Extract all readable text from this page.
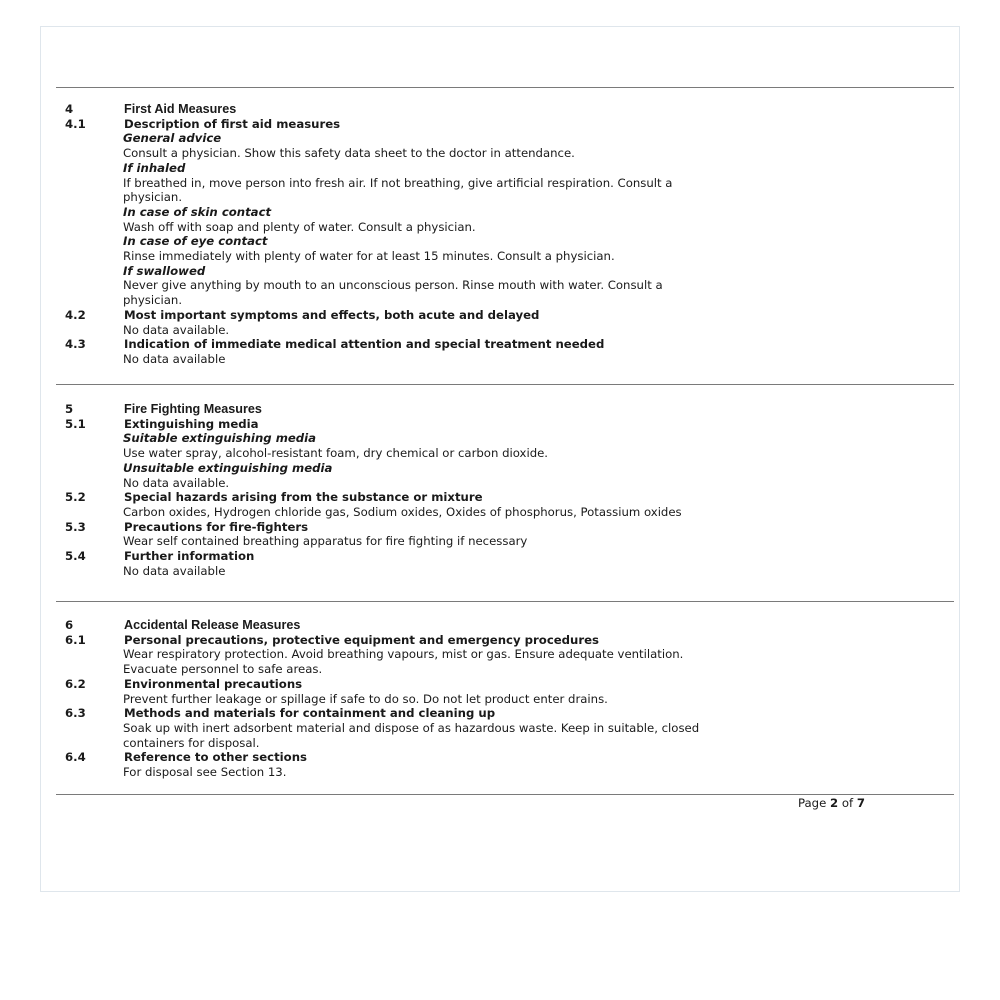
4	First Aid Measures
4.1	Description of first aid measures
General advice
Consult a physician. Show this safety data sheet to the doctor in attendance.
If inhaled
If breathed in, move person into fresh air. If not breathing, give artificial respiration. Consult a
physician.
In case of skin contact
Wash off with soap and plenty of water. Consult a physician.
In case of eye contact
Rinse immediately with plenty of water for at least 15 minutes. Consult a physician.
If swallowed
Never give anything by mouth to an unconscious person. Rinse mouth with water. Consult a
physician.
4.2	Most important symptoms and effects, both acute and delayed
No data available.
4.3	Indication of immediate medical attention and special treatment needed
No data available
5	Fire Fighting Measures
5.1	Extinguishing media
Suitable extinguishing media
Use water spray, alcohol-resistant foam, dry chemical or carbon dioxide.
Unsuitable extinguishing media
No data available.
5.2	Special hazards arising from the substance or mixture
Carbon oxides, Hydrogen chloride gas, Sodium oxides, Oxides of phosphorus, Potassium oxides
5.3	Precautions for fire-fighters
Wear self contained breathing apparatus for fire fighting if necessary
5.4	Further information
No data available
6	Accidental Release Measures
6.1	Personal precautions, protective equipment and emergency procedures
Wear respiratory protection. Avoid breathing vapours, mist or gas. Ensure adequate ventilation.
Evacuate personnel to safe areas.
6.2	Environmental precautions
Prevent further leakage or spillage if safe to do so. Do not let product enter drains.
6.3	Methods and materials for containment and cleaning up
Soak up with inert adsorbent material and dispose of as hazardous waste. Keep in suitable, closed
containers for disposal.
6.4	Reference to other sections
For disposal see Section 13.
Page 2 of 7
